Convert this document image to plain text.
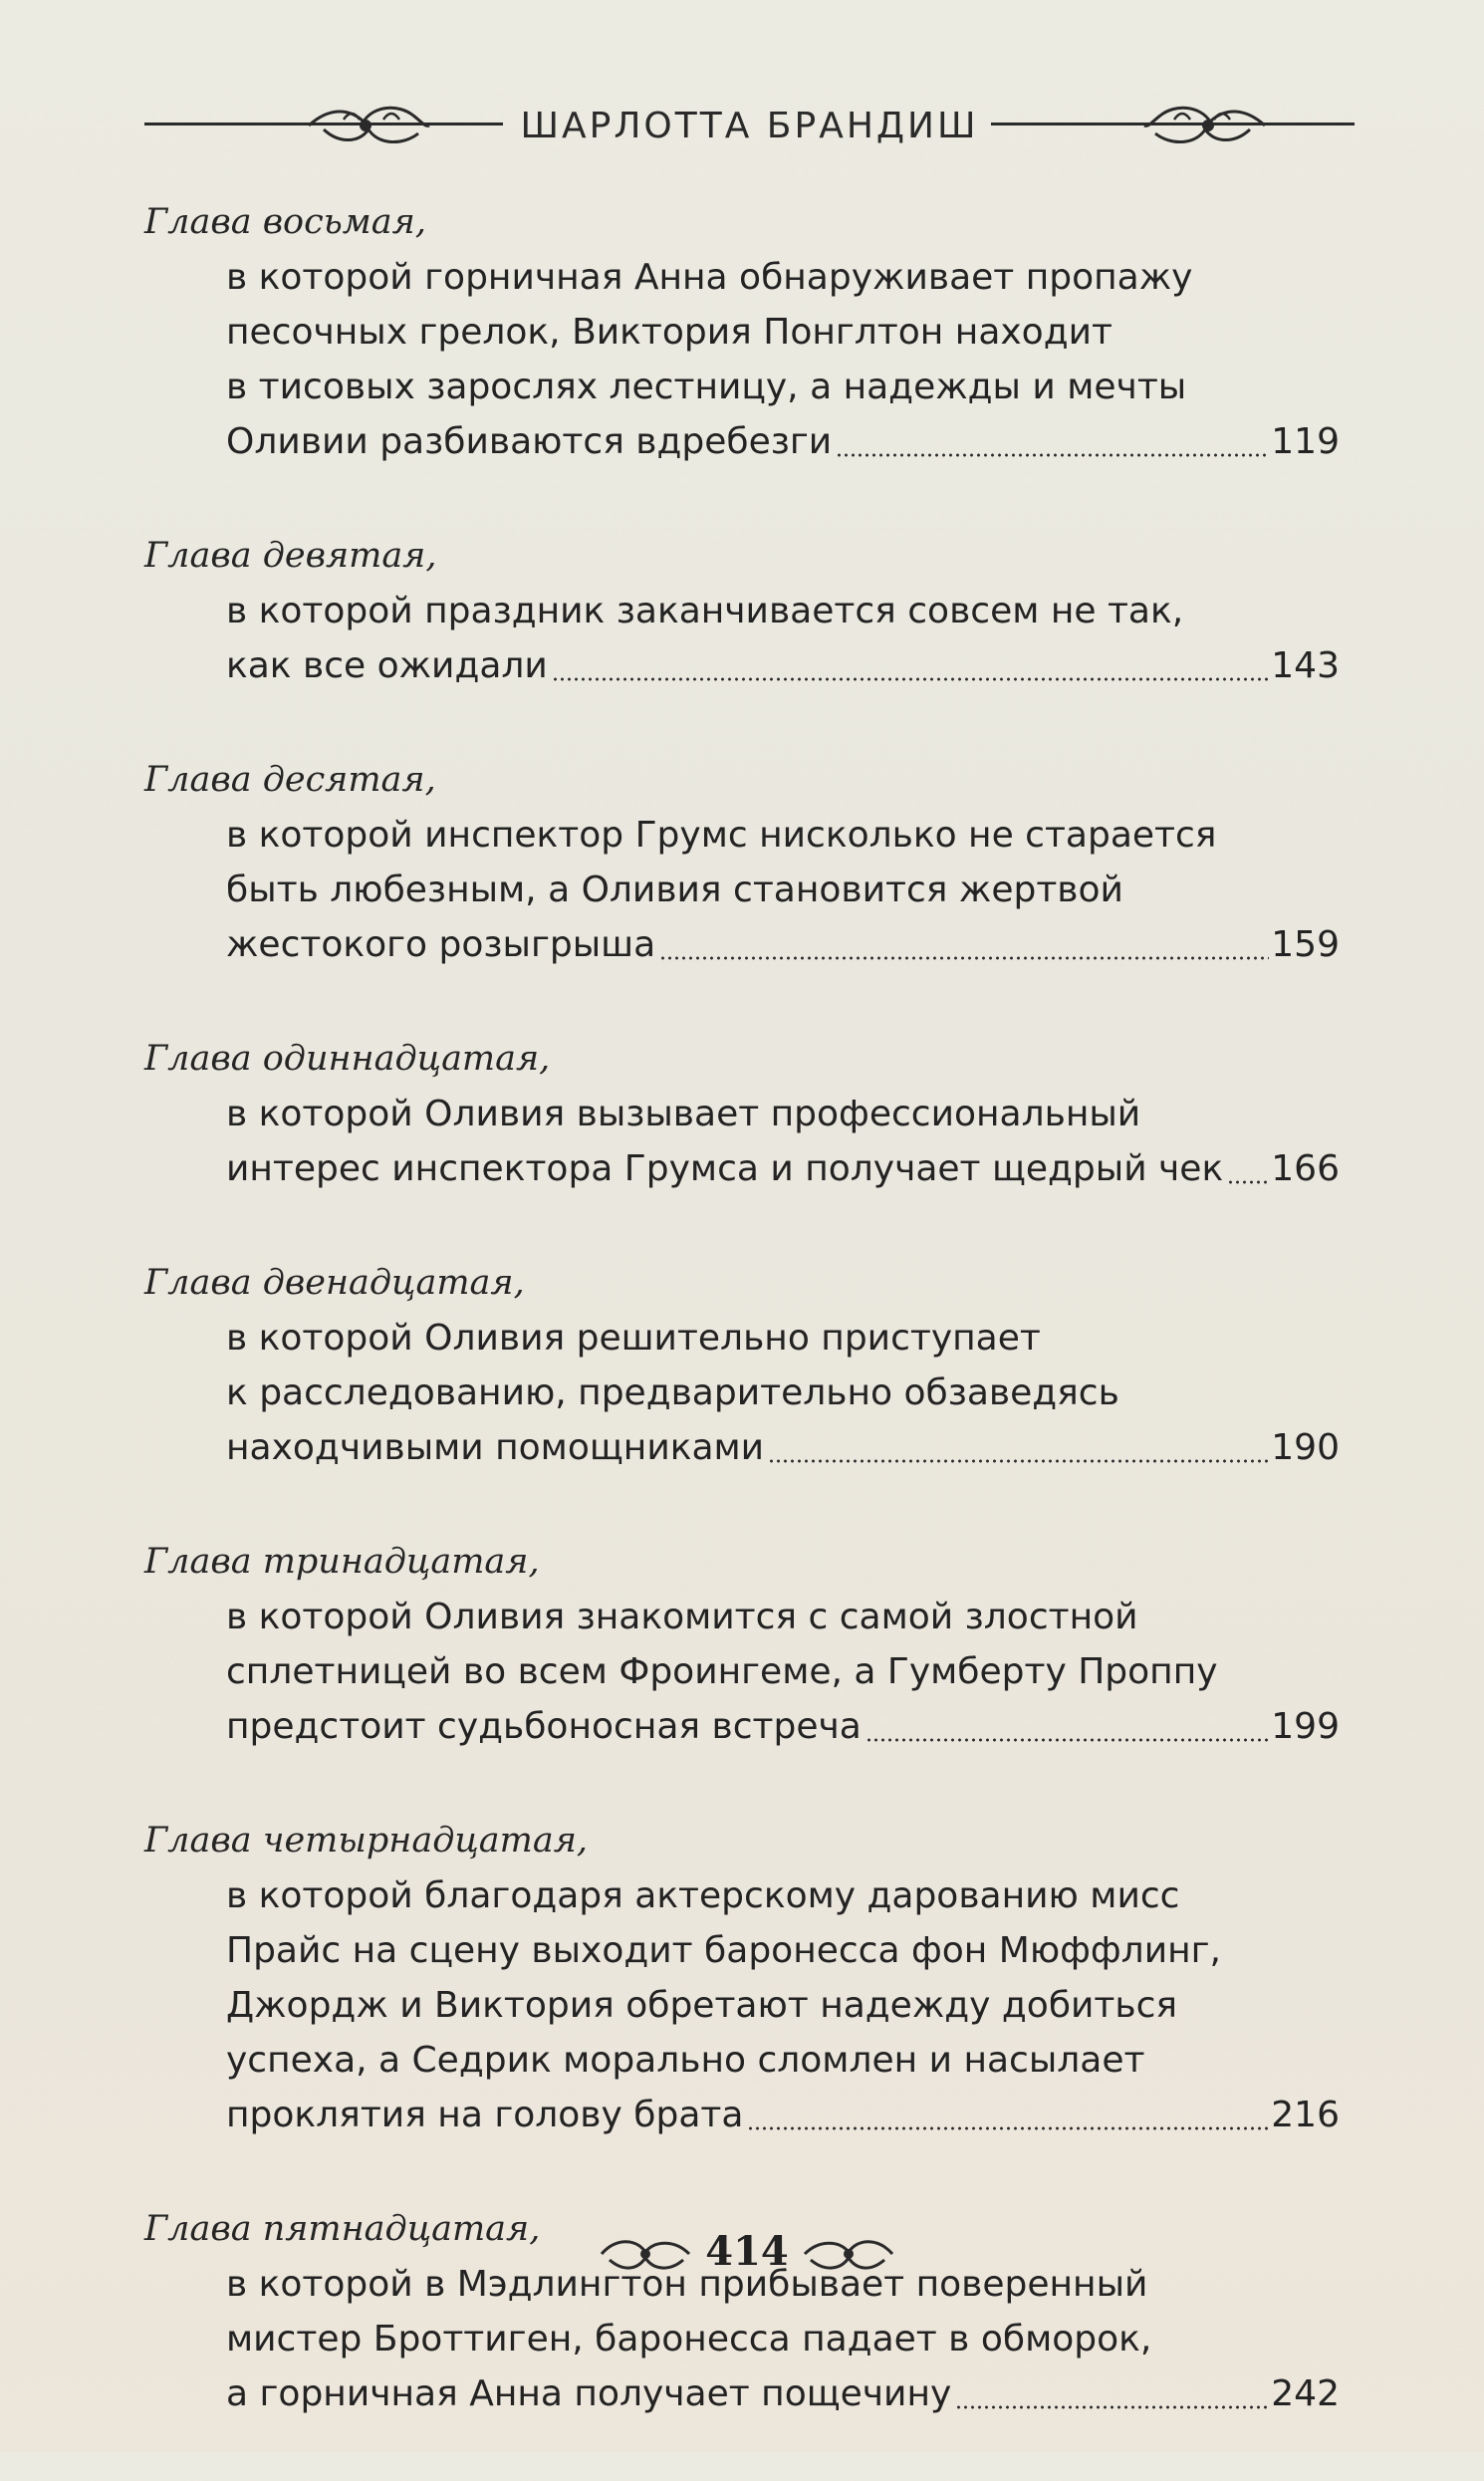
ШАРЛОТТА БРАНДИШ
Глава восьмая,
в которой горничная Анна обнаруживает пропажу
песочных грелок, Виктория Понглтон находит
в тисовых зарослях лестницу, а надежды и мечты
Оливии разбиваются вдребезги	119
Глава девятая,
в которой праздник заканчивается совсем не так,
как все ожидали	143
Глава десятая,
в которой инспектор Грумс нисколько не старается
быть любезным, а Оливия становится жертвой
жестокого розыгрыша	159
Глава одиннадцатая,
в которой Оливия вызывает профессиональный
интерес инспектора Грумса и получает щедрый чек 166
Глава двенадцатая,
в которой Оливия решительно приступает
к расследованию, предварительно обзаведясь
находчивыми помощниками	190
Глава тринадцатая,
в которой Оливия знакомится с самой злостной
сплетницей во всем Фроингеме, а Гумберту Проппу
предстоит судьбоносная встреча	199
Глава четырнадцатая,
в которой благодаря актерскому дарованию мисс
Прайс на сцену выходит баронесса фон Мюффлинг,
Джордж и Виктория обретают надежду добиться
успеха, а Седрик морально сломлен и насылает
проклятия на голову брата	216
Глава пятнадцатая,
в которой в Мэдлингтон прибывает поверенный
мистер Броттиген, баронесса падает в обморок,
а горничная Анна получает пощечину	242
414
